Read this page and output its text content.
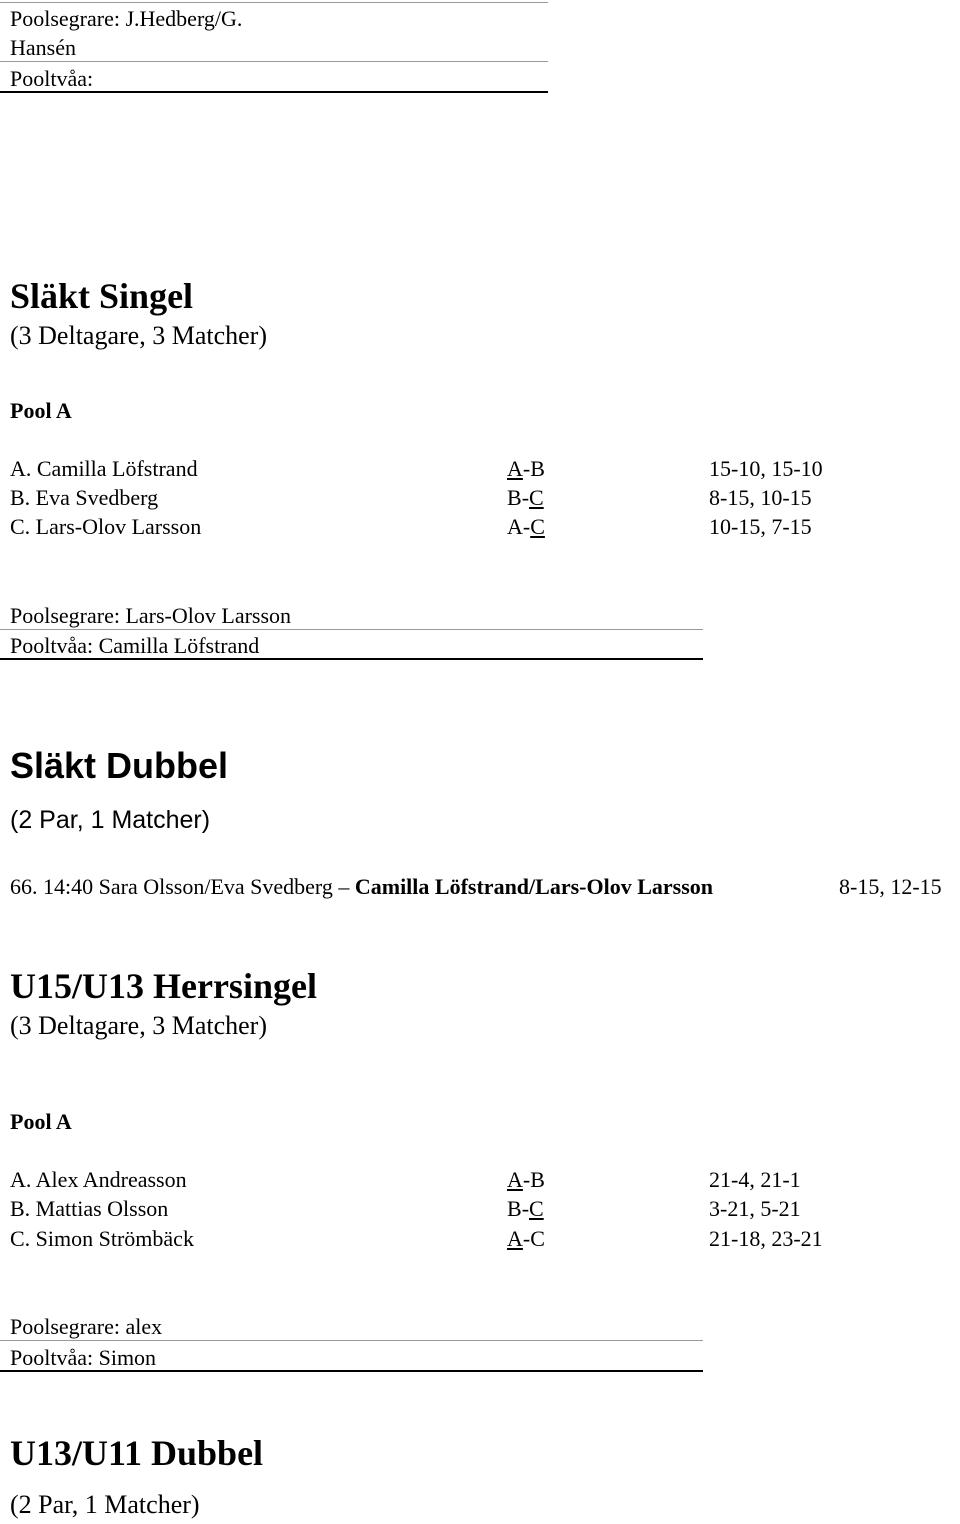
Poolsegrare: J.Hedberg/G.
Hansén
Pooltvåa:
Släkt Singel
(3 Deltagare, 3 Matcher)
Pool A
A. Camilla Löfstrand
B. Eva Svedberg
C. Lars-Olov Larsson
A-B
B-C
A-C
15-10, 15-10
8-15, 10-15
10-15, 7-15
Poolsegrare: Lars-Olov Larsson
Pooltvåa: Camilla Löfstrand
Släkt Dubbel
(2 Par, 1 Matcher)
66. 14:40 Sara Olsson/Eva Svedberg – Camilla Löfstrand/Lars-Olov Larsson	8-15, 12-15
U15/U13 Herrsingel
(3 Deltagare, 3 Matcher)
Pool A
A. Alex Andreasson
B. Mattias Olsson
C. Simon Strömbäck
A-B
B-C
A-C
21-4, 21-1
3-21, 5-21
21-18, 23-21
Poolsegrare: alex
Pooltvåa: Simon
U13/U11 Dubbel
(2 Par, 1 Matcher)
